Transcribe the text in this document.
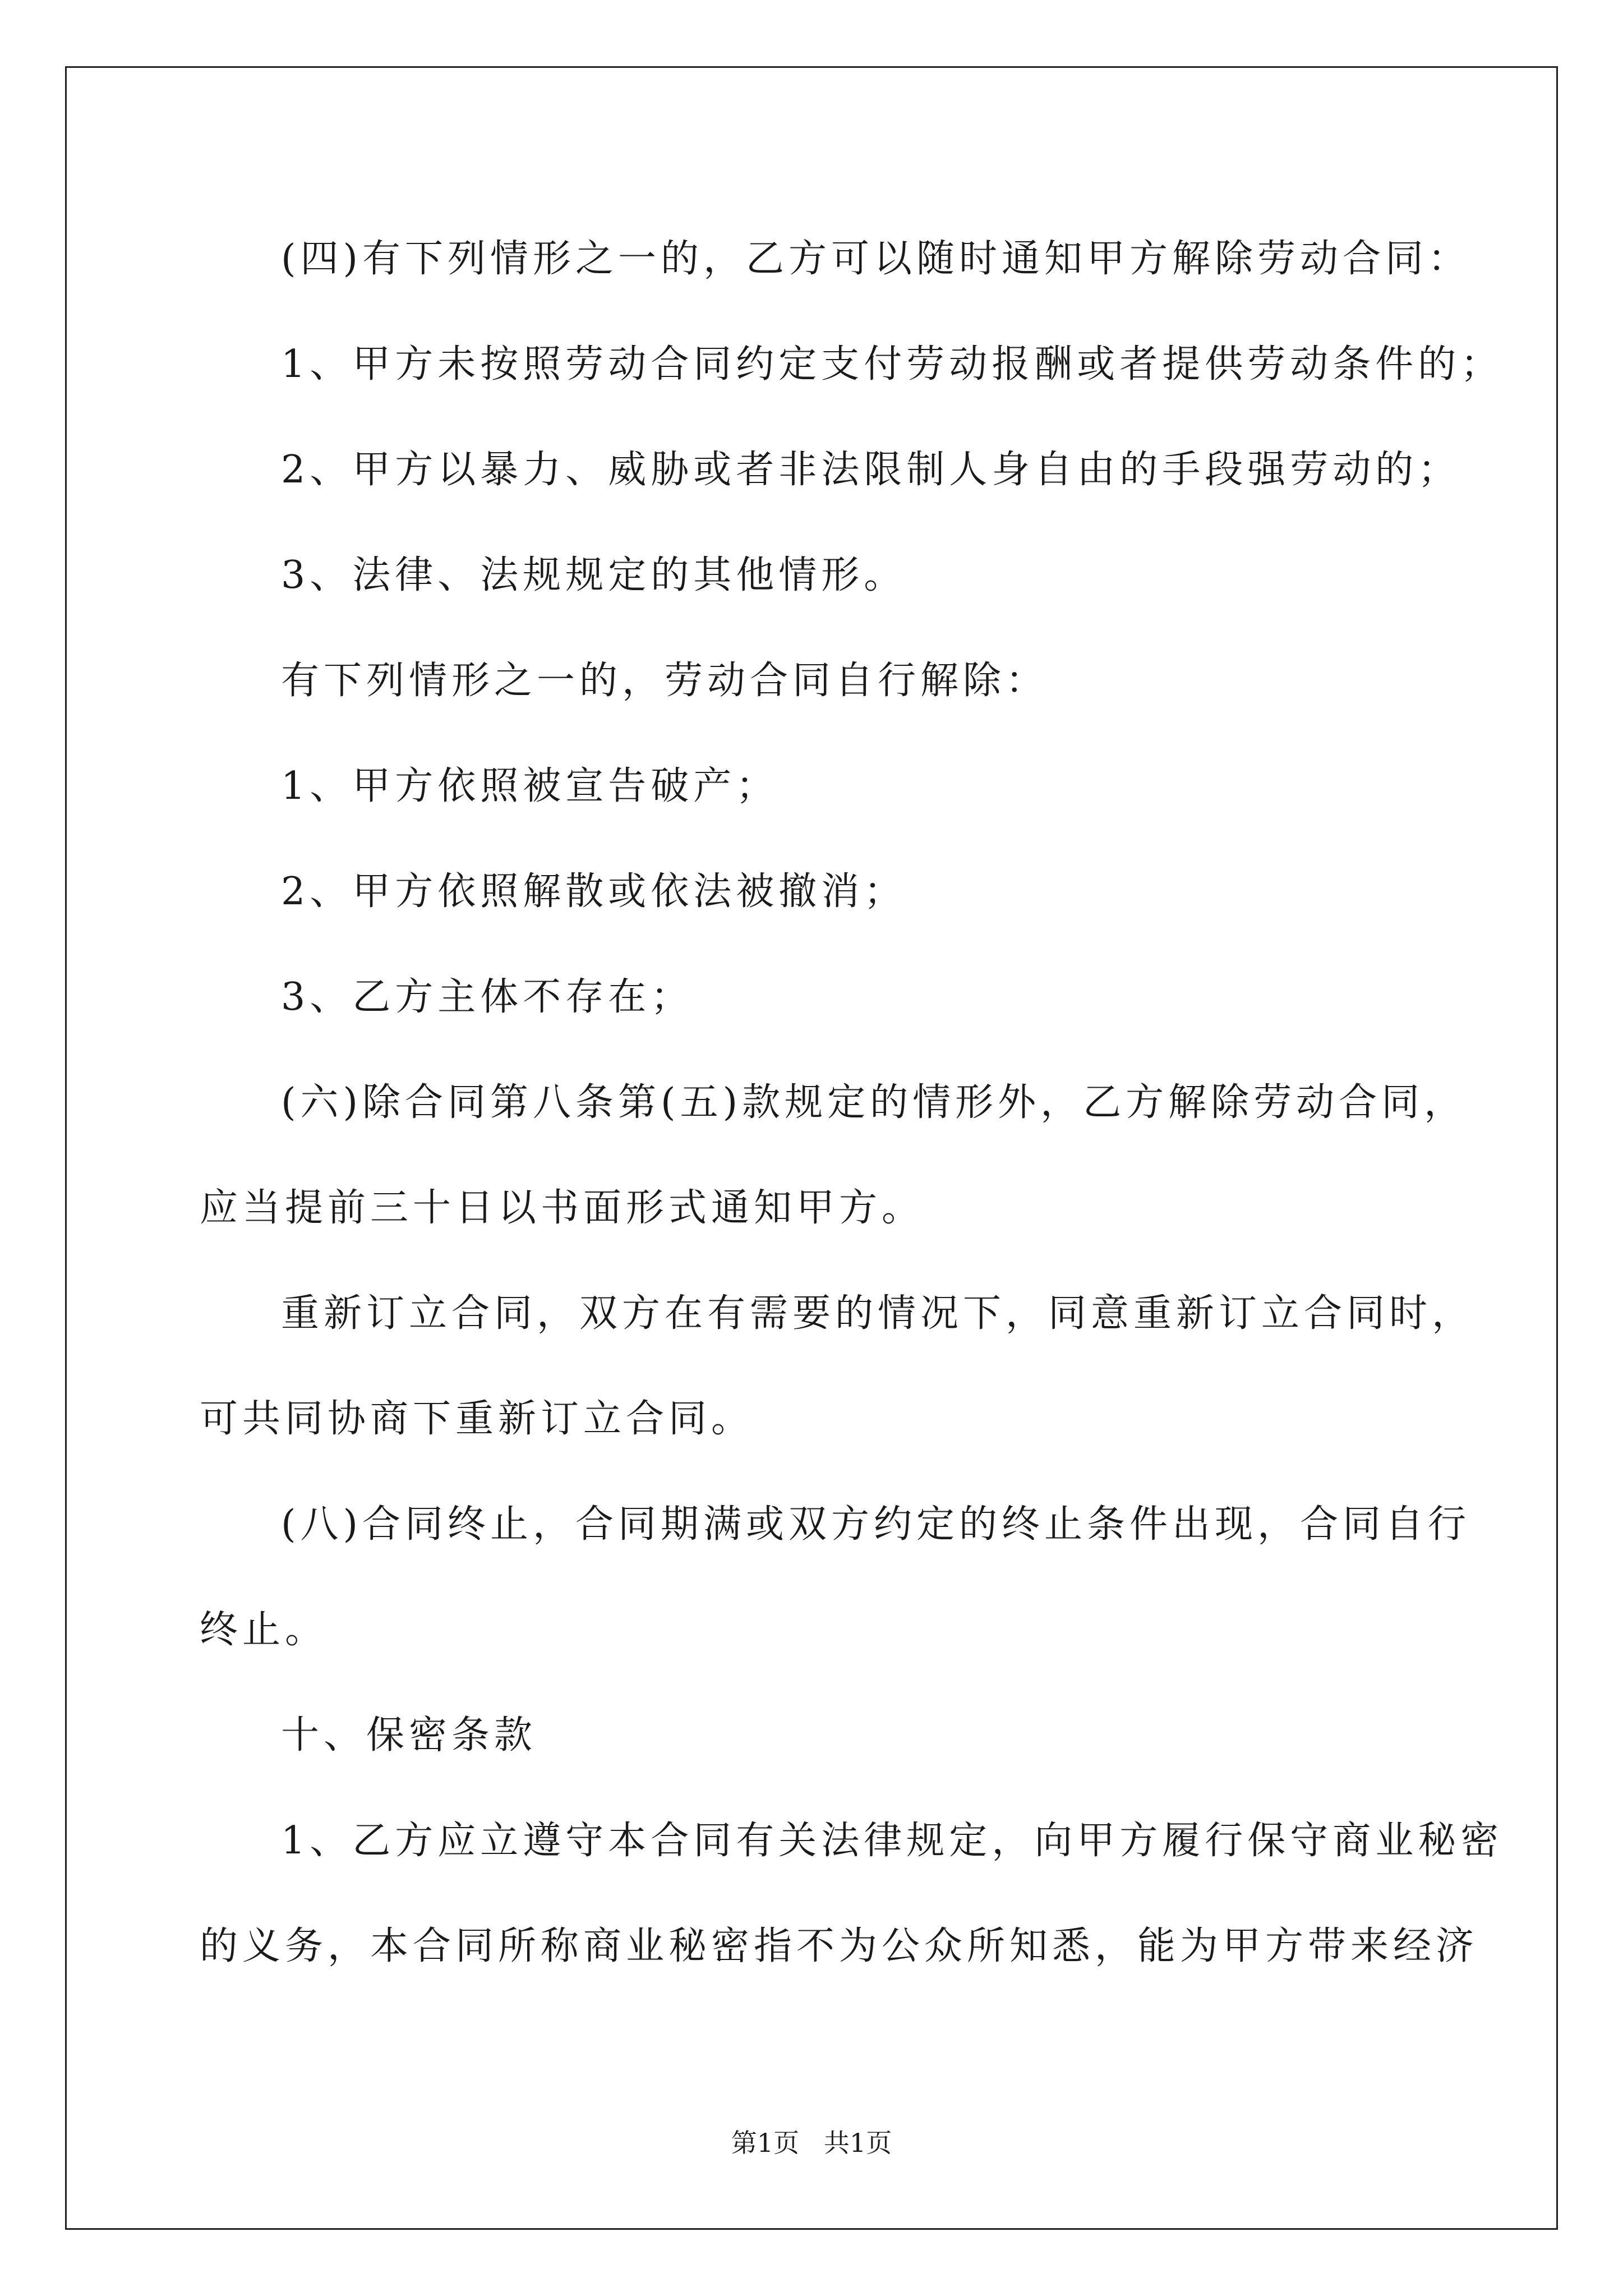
(四)有下列情形之一的，乙方可以随时通知甲方解除劳动合同：

1、甲方未按照劳动合同约定支付劳动报酬或者提供劳动条件的；

2、甲方以暴力、威胁或者非法限制人身自由的手段强劳动的；

3、法律、法规规定的其他情形。

有下列情形之一的，劳动合同自行解除：

1、甲方依照被宣告破产；

2、甲方依照解散或依法被撤消；

3、乙方主体不存在；

(六)除合同第八条第(五)款规定的情形外，乙方解除劳动合同，

应当提前三十日以书面形式通知甲方。

重新订立合同，双方在有需要的情况下，同意重新订立合同时，

可共同协商下重新订立合同。

(八)合同终止，合同期满或双方约定的终止条件出现，合同自行

终止。

十、保密条款

1、乙方应立遵守本合同有关法律规定，向甲方履行保守商业秘密

的义务，本合同所称商业秘密指不为公众所知悉，能为甲方带来经济

第1页   共1页
